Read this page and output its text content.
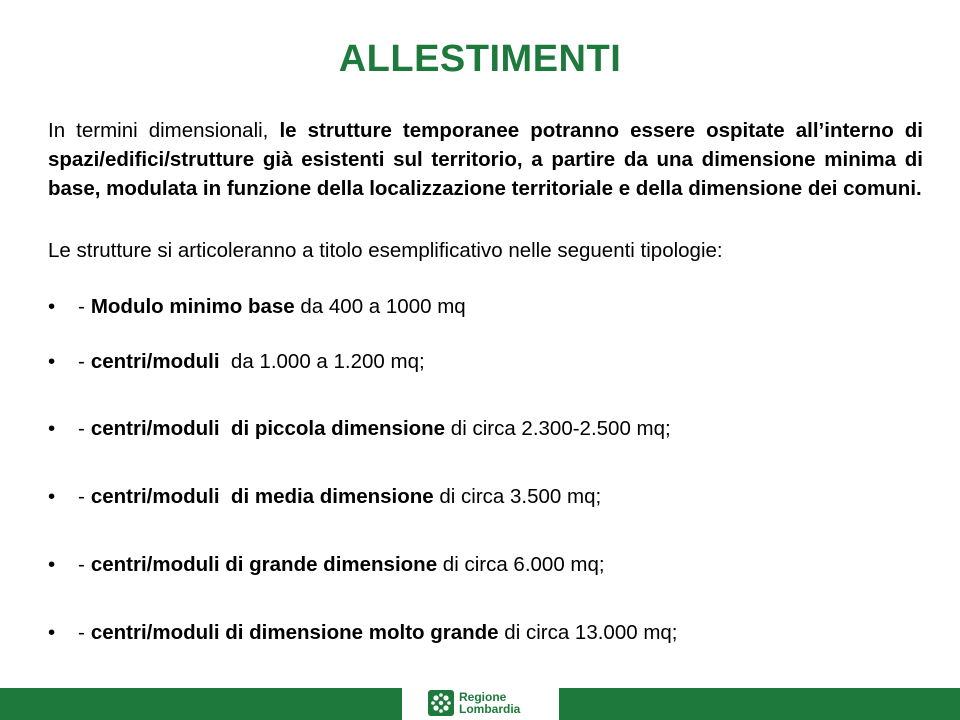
ALLESTIMENTI
In termini dimensionali, le strutture temporanee potranno essere ospitate all’interno di spazi/edifici/strutture già esistenti sul territorio, a partire da una dimensione minima di base, modulata in funzione della localizzazione territoriale e della dimensione dei comuni.
Le strutture si articoleranno a titolo esemplificativo nelle seguenti tipologie:
• - Modulo minimo base da 400 a 1000 mq
• - centri/moduli  da 1.000 a 1.200 mq;
• - centri/moduli  di piccola dimensione di circa 2.300-2.500 mq;
• - centri/moduli  di media dimensione di circa 3.500 mq;
• - centri/moduli di grande dimensione di circa 6.000 mq;
• - centri/moduli di dimensione molto grande di circa 13.000 mq;
Regione
Lombardia
